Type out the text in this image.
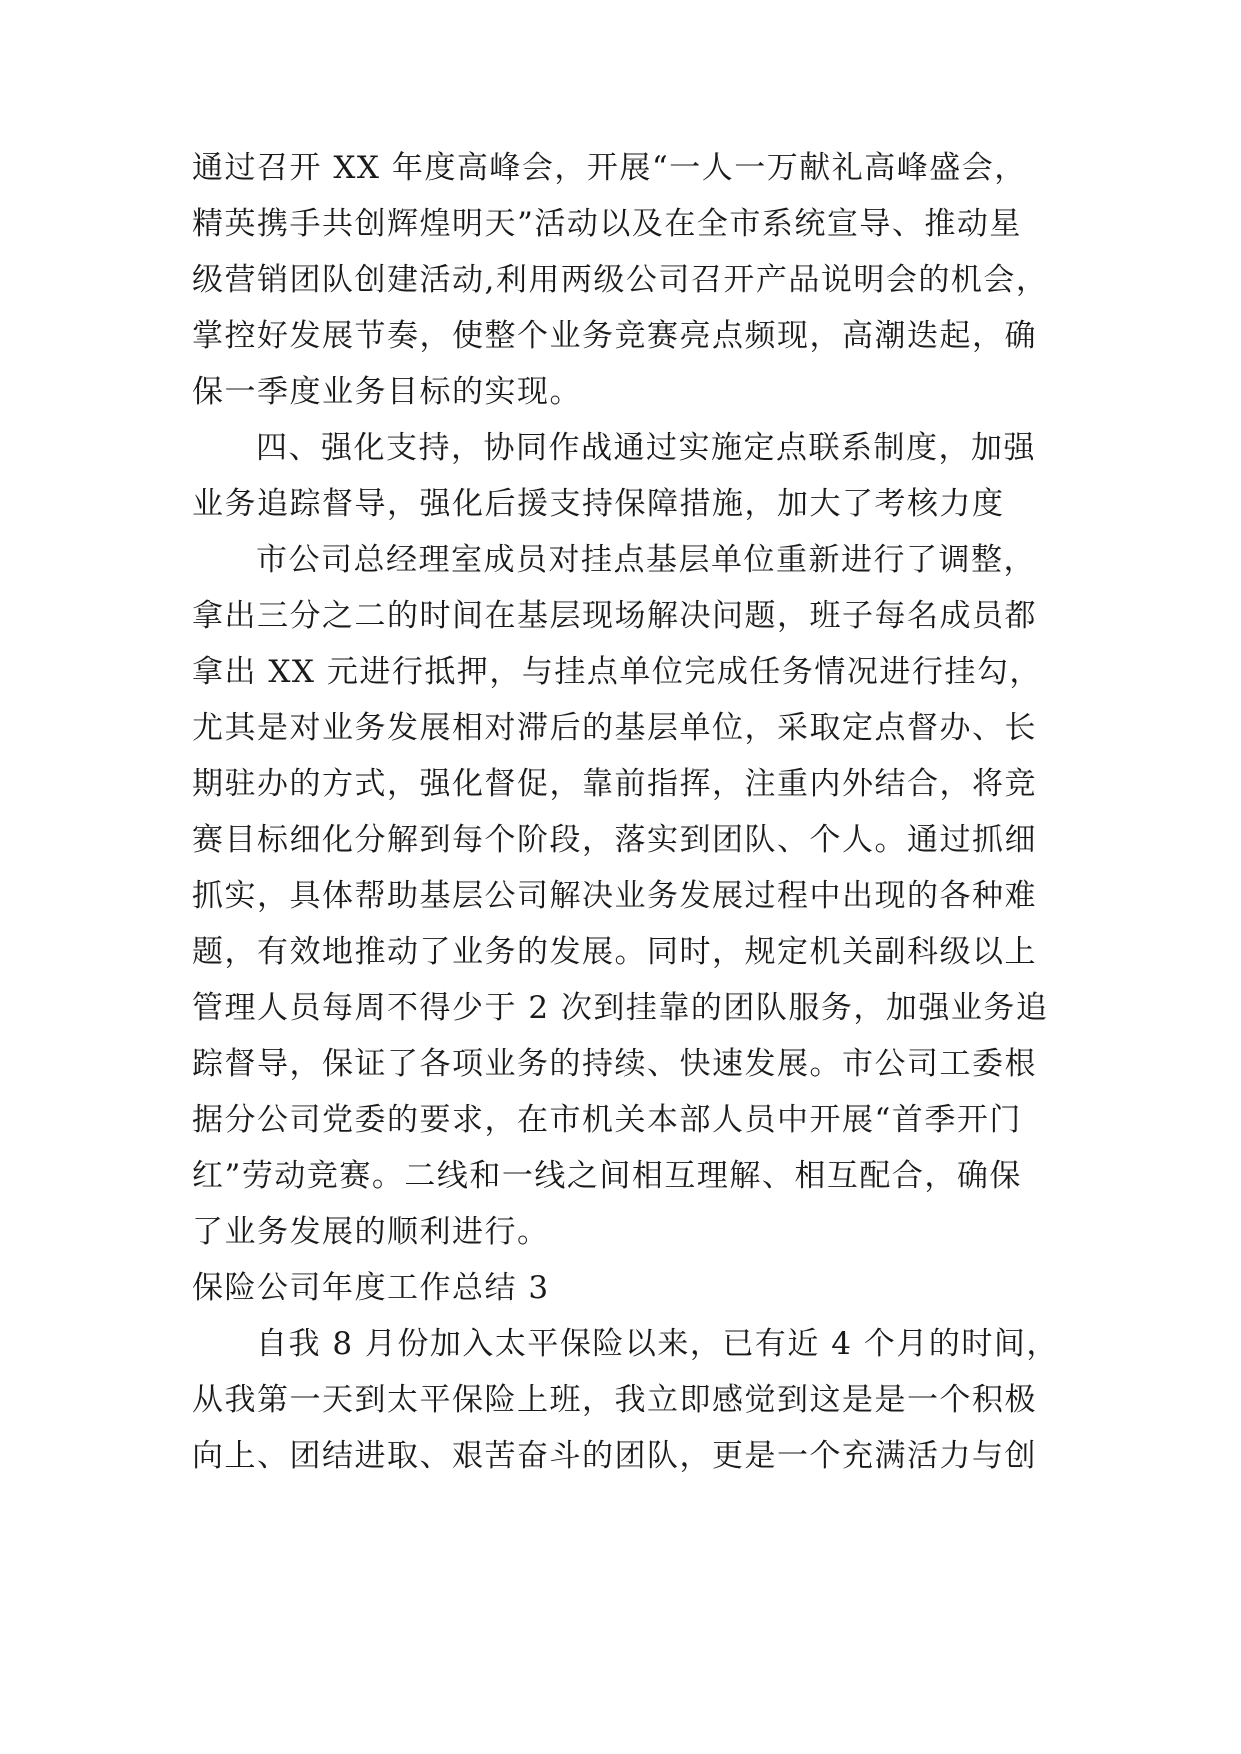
通过召开 XX 年度高峰会，开展“一人一万献礼高峰盛会，
精英携手共创辉煌明天”活动以及在全市系统宣导、推动星
级营销团队创建活动,利用两级公司召开产品说明会的机会，
掌控好发展节奏，使整个业务竞赛亮点频现，高潮迭起，确
保一季度业务目标的实现。
四、强化支持，协同作战通过实施定点联系制度，加强
业务追踪督导，强化后援支持保障措施，加大了考核力度
市公司总经理室成员对挂点基层单位重新进行了调整，
拿出三分之二的时间在基层现场解决问题，班子每名成员都
拿出 XX 元进行抵押，与挂点单位完成任务情况进行挂勾，
尤其是对业务发展相对滞后的基层单位，采取定点督办、长
期驻办的方式，强化督促，靠前指挥，注重内外结合，将竞
赛目标细化分解到每个阶段，落实到团队、个人。通过抓细
抓实，具体帮助基层公司解决业务发展过程中出现的各种难
题，有效地推动了业务的发展。同时，规定机关副科级以上
管理人员每周不得少于 2 次到挂靠的团队服务，加强业务追
踪督导，保证了各项业务的持续、快速发展。市公司工委根
据分公司党委的要求，在市机关本部人员中开展“首季开门
红”劳动竞赛。二线和一线之间相互理解、相互配合，确保
了业务发展的顺利进行。
保险公司年度工作总结 3
自我 8 月份加入太平保险以来，已有近 4 个月的时间，
从我第一天到太平保险上班，我立即感觉到这是是一个积极
向上、团结进取、艰苦奋斗的团队，更是一个充满活力与创
